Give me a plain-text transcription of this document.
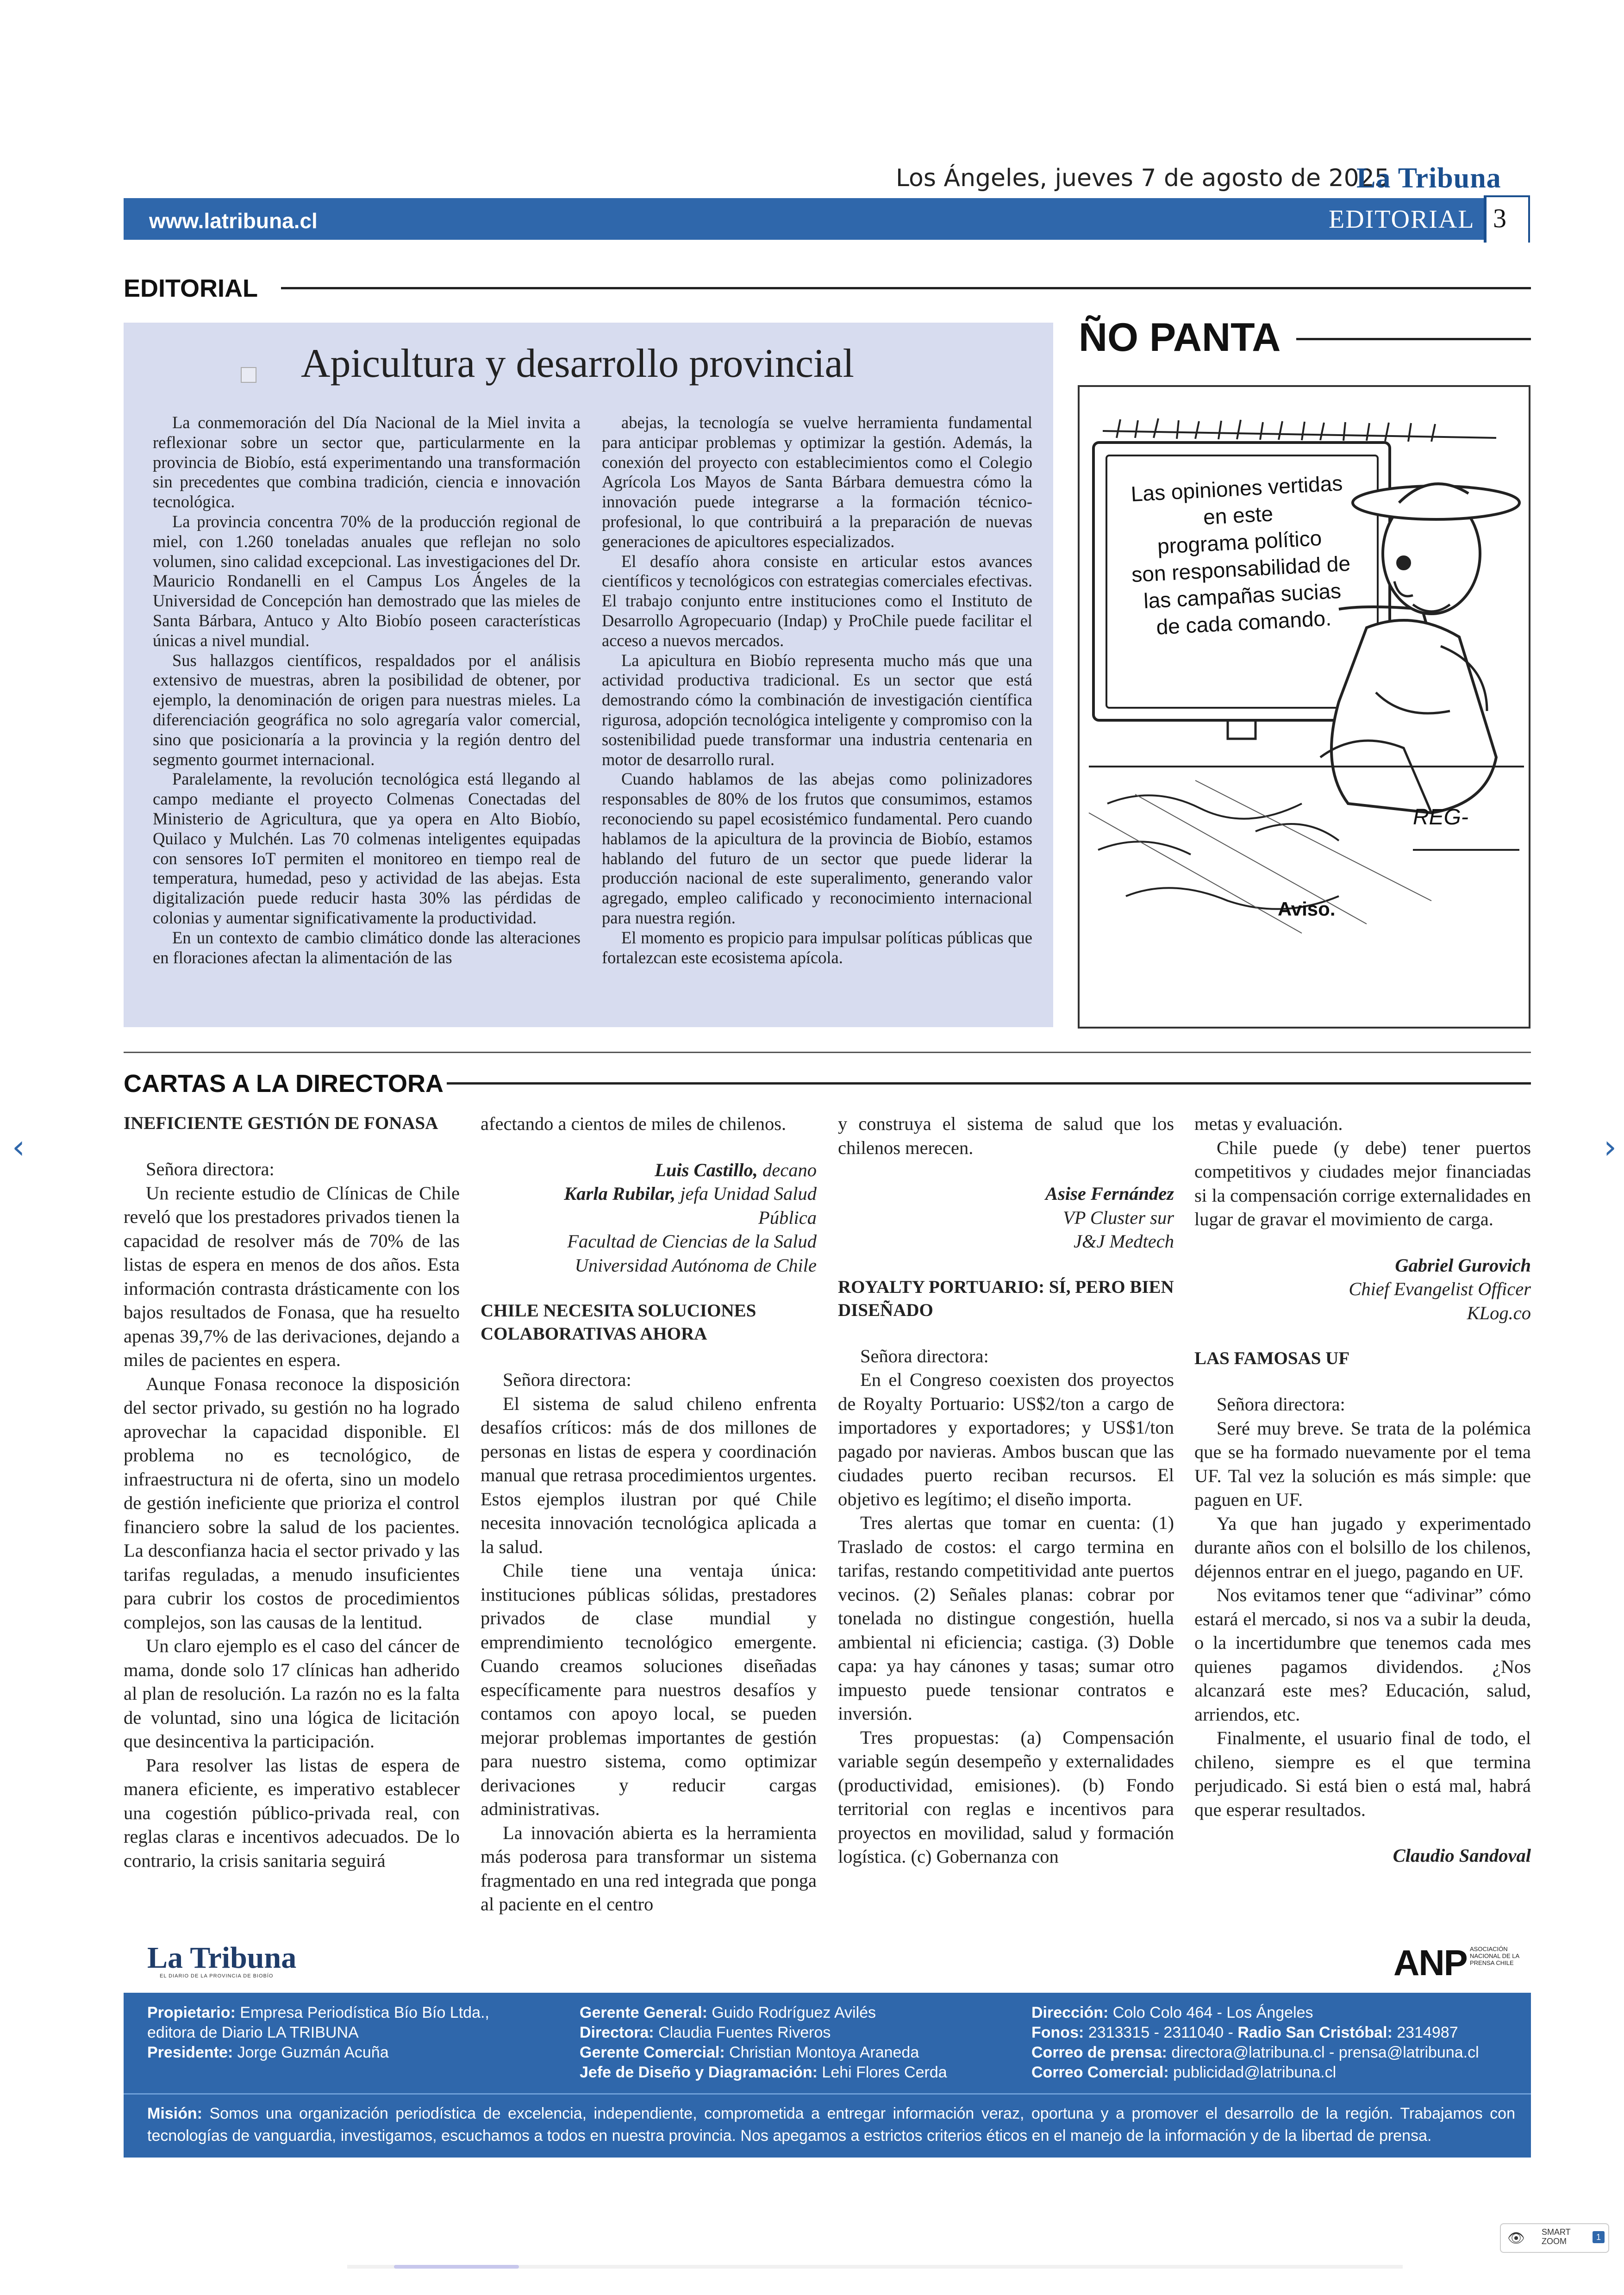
Los Ángeles, jueves 7 de agosto de 2025
La Tribuna
www.latribuna.cl	EDITORIAL 3
EDITORIAL
Apicultura y desarrollo provincial

La conmemoración del Día Nacional de la Miel invita a reflexionar sobre un sector que, particularmente en la provincia de Biobío, está experimentando una transformación sin precedentes que combina tradición, ciencia e innovación tecnológica.

La provincia concentra 70% de la producción regional de miel, con 1.260 toneladas anuales que reflejan no solo volumen, sino calidad excepcional. Las investigaciones del Dr. Mauricio Rondanelli en el Campus Los Ángeles de la Universidad de Concepción han demostrado que las mieles de Santa Bárbara, Antuco y Alto Biobío poseen características únicas a nivel mundial.

Sus hallazgos científicos, respaldados por el análisis extensivo de muestras, abren la posibilidad de obtener, por ejemplo, la denominación de origen para nuestras mieles. La diferenciación geográfica no solo agregaría valor comercial, sino que posicionaría a la provincia y la región dentro del segmento gourmet internacional.

Paralelamente, la revolución tecnológica está llegando al campo mediante el proyecto Colmenas Conectadas del Ministerio de Agricultura, que ya opera en Alto Biobío, Quilaco y Mulchén. Las 70 colmenas inteligentes equipadas con sensores IoT permiten el monitoreo en tiempo real de temperatura, humedad, peso y actividad de las abejas. Esta digitalización puede reducir hasta 30% las pérdidas de colonias y aumentar significativamente la productividad.

En un contexto de cambio climático donde las alteraciones en floraciones afectan la alimentación de las

abejas, la tecnología se vuelve herramienta fundamental para anticipar problemas y optimizar la gestión. Además, la conexión del proyecto con establecimientos como el Colegio Agrícola Los Mayos de Santa Bárbara demuestra cómo la innovación puede integrarse a la formación técnico-profesional, lo que contribuirá a la preparación de nuevas generaciones de apicultores especializados.

El desafío ahora consiste en articular estos avances científicos y tecnológicos con estrategias comerciales efectivas. El trabajo conjunto entre instituciones como el Instituto de Desarrollo Agropecuario (Indap) y ProChile puede facilitar el acceso a nuevos mercados.

La apicultura en Biobío representa mucho más que una actividad productiva tradicional. Es un sector que está demostrando cómo la combinación de investigación científica rigurosa, adopción tecnológica inteligente y compromiso con la sostenibilidad puede transformar una industria centenaria en motor de desarrollo rural.

Cuando hablamos de las abejas como polinizadores responsables de 80% de los frutos que consumimos, estamos reconociendo su papel ecosistémico fundamental. Pero cuando hablamos de la apicultura de la provincia de Biobío, estamos hablando del futuro de un sector que puede liderar la producción nacional de este superalimento, generando valor agregado, empleo calificado y reconocimiento internacional para nuestra región.

El momento es propicio para impulsar políticas públicas que fortalezcan este ecosistema apícola.

ÑO PANTA
Las opiniones vertidas
en este
programa político
son responsabilidad de
las campañas sucias
de cada comando.
REG-
Aviso.
CARTAS A LA DIRECTORA

INEFICIENTE GESTIÓN DE FONASA

Señora directora:

Un reciente estudio de Clínicas de Chile reveló que los prestadores privados tienen la capacidad de resolver más de 70% de las listas de espera en menos de dos años. Esta información contrasta drásticamente con los bajos resultados de Fonasa, que ha resuelto apenas 39,7% de las derivaciones, dejando a miles de pacientes en espera.

Aunque Fonasa reconoce la disposición del sector privado, su gestión no ha logrado aprovechar la capacidad disponible. El problema no es tecnológico, de infraestructura ni de oferta, sino un modelo de gestión ineficiente que prioriza el control financiero sobre la salud de los pacientes. La desconfianza hacia el sector privado y las tarifas reguladas, a menudo insuficientes para cubrir los costos de procedimientos complejos, son las causas de la lentitud.

Un claro ejemplo es el caso del cáncer de mama, donde solo 17 clínicas han adherido al plan de resolución. La razón no es la falta de voluntad, sino una lógica de licitación que desincentiva la participación.

Para resolver las listas de espera de manera eficiente, es imperativo establecer una cogestión público-privada real, con reglas claras e incentivos adecuados. De lo contrario, la crisis sanitaria seguirá

afectando a cientos de miles de chilenos.

Luis Castillo, decano

Karla Rubilar, jefa Unidad Salud

Pública

Facultad de Ciencias de la Salud

Universidad Autónoma de Chile

CHILE NECESITA SOLUCIONES COLABORATIVAS AHORA

Señora directora:

El sistema de salud chileno enfrenta desafíos críticos: más de dos millones de personas en listas de espera y coordinación manual que retrasa procedimientos urgentes. Estos ejemplos ilustran por qué Chile necesita innovación tecnológica aplicada a la salud.

Chile tiene una ventaja única: instituciones públicas sólidas, prestadores privados de clase mundial y emprendimiento tecnológico emergente. Cuando creamos soluciones diseñadas específicamente para nuestros desafíos y contamos con apoyo local, se pueden mejorar problemas importantes de gestión para nuestro sistema, como optimizar derivaciones y reducir cargas administrativas.

La innovación abierta es la herramienta más poderosa para transformar un sistema fragmentado en una red integrada que ponga al paciente en el centro

y construya el sistema de salud que los chilenos merecen.

Asise Fernández

VP Cluster sur

J&J Medtech

ROYALTY PORTUARIO: SÍ, PERO BIEN DISEÑADO

Señora directora:

En el Congreso coexisten dos proyectos de Royalty Portuario: US$2/ton a cargo de importadores y exportadores; y US$1/ton pagado por navieras. Ambos buscan que las ciudades puerto reciban recursos. El objetivo es legítimo; el diseño importa.

Tres alertas que tomar en cuenta: (1) Traslado de costos: el cargo termina en tarifas, restando competitividad ante puertos vecinos. (2) Señales planas: cobrar por tonelada no distingue congestión, huella ambiental ni eficiencia; castiga. (3) Doble capa: ya hay cánones y tasas; sumar otro impuesto puede tensionar contratos e inversión.

Tres propuestas: (a) Compensación variable según desempeño y externalidades (productividad, emisiones). (b) Fondo territorial con reglas e incentivos para proyectos en movilidad, salud y formación logística. (c) Gobernanza con

metas y evaluación.

Chile puede (y debe) tener puertos competitivos y ciudades mejor financiadas si la compensación corrige externalidades en lugar de gravar el movimiento de carga.

Gabriel Gurovich

Chief Evangelist Officer

KLog.co

LAS FAMOSAS UF

Señora directora:

Seré muy breve. Se trata de la polémica que se ha formado nuevamente por el tema UF. Tal vez la solución es más simple: que paguen en UF.

Ya que han jugado y experimentado durante años con el bolsillo de los chilenos, déjennos entrar en el juego, pagando en UF.

Nos evitamos tener que “adivinar” cómo estará el mercado, si nos va a subir la deuda, o la incertidumbre que tenemos cada mes quienes pagamos dividendos. ¿Nos alcanzará este mes? Educación, salud, arriendos, etc.

Finalmente, el usuario final de todo, el chileno, siempre es el que termina perjudicado. Si está bien o está mal, habrá que esperar resultados.

Claudio Sandoval

La Tribuna
EL DIARIO DE LA PROVINCIA DE BIOBÍO	ANP ASOCIACIÓN NACIONAL DE LA PRENSA CHILE
Propietario: Empresa Periodística Bío Bío Ltda.,
editora de Diario LA TRIBUNA
Presidente: Jorge Guzmán Acuña
Gerente General: Guido Rodríguez Avilés
Directora: Claudia Fuentes Riveros
Gerente Comercial: Christian Montoya Araneda
Jefe de Diseño y Diagramación: Lehi Flores Cerda
Dirección: Colo Colo 464 - Los Ángeles
Fonos: 2313315 - 2311040 - Radio San Cristóbal: 2314987
Correo de prensa: directora@latribuna.cl - prensa@latribuna.cl
Correo Comercial: publicidad@latribuna.cl
Misión: Somos una organización periodística de excelencia, independiente, comprometida a entregar información veraz, oportuna y a promover el desarrollo de la región. Trabajamos con tecnologías de vanguardia, investigamos, escuchamos a todos en nuestra provincia. Nos apegamos a estrictos criterios éticos en el manejo de la información y de la libertad de prensa.
‹	›
👁 SMART
ZOOM	1
